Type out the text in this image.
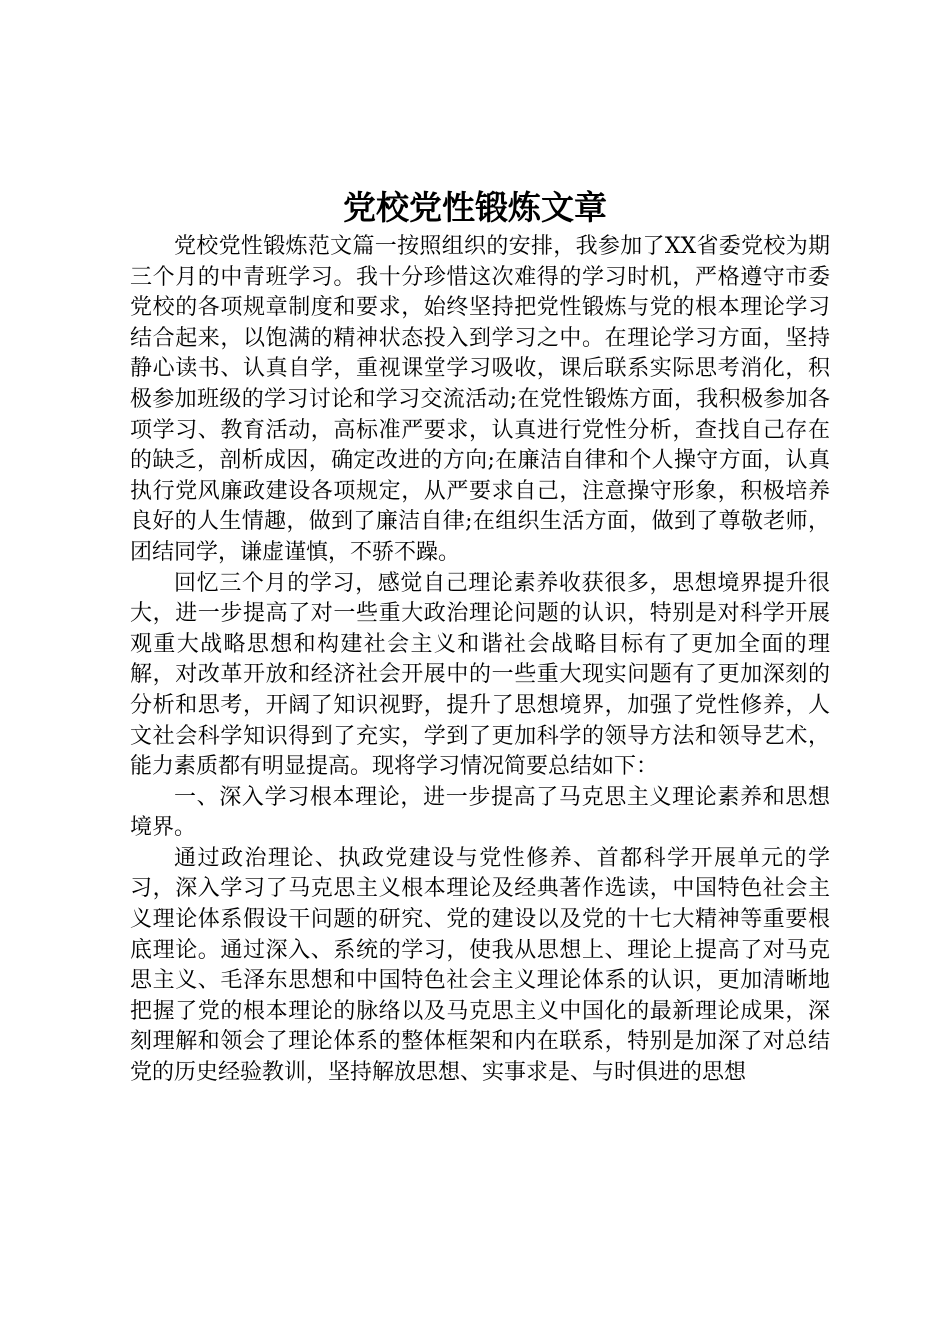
党校党性锻炼文章

党校党性锻炼范文篇一按照组织的安排，我参加了XX省委党校为期三个月的中青班学习。我十分珍惜这次难得的学习时机，严格遵守市委党校的各项规章制度和要求，始终坚持把党性锻炼与党的根本理论学习结合起来，以饱满的精神状态投入到学习之中。在理论学习方面，坚持静心读书、认真自学，重视课堂学习吸收，课后联系实际思考消化，积极参加班级的学习讨论和学习交流活动;在党性锻炼方面，我积极参加各项学习、教育活动，高标准严要求，认真进行党性分析，查找自己存在的缺乏，剖析成因，确定改进的方向;在廉洁自律和个人操守方面，认真执行党风廉政建设各项规定，从严要求自己，注意操守形象，积极培养良好的人生情趣，做到了廉洁自律;在组织生活方面，做到了尊敬老师，团结同学，谦虚谨慎，不骄不躁。

回忆三个月的学习，感觉自己理论素养收获很多，思想境界提升很大，进一步提高了对一些重大政治理论问题的认识，特别是对科学开展观重大战略思想和构建社会主义和谐社会战略目标有了更加全面的理解，对改革开放和经济社会开展中的一些重大现实问题有了更加深刻的分析和思考，开阔了知识视野，提升了思想境界，加强了党性修养，人文社会科学知识得到了充实，学到了更加科学的领导方法和领导艺术，能力素质都有明显提高。现将学习情况简要总结如下：

一、深入学习根本理论，进一步提高了马克思主义理论素养和思想境界。

通过政治理论、执政党建设与党性修养、首都科学开展单元的学习，深入学习了马克思主义根本理论及经典著作选读，中国特色社会主义理论体系假设干问题的研究、党的建设以及党的十七大精神等重要根底理论。通过深入、系统的学习，使我从思想上、理论上提高了对马克思主义、毛泽东思想和中国特色社会主义理论体系的认识，更加清晰地把握了党的根本理论的脉络以及马克思主义中国化的最新理论成果，深刻理解和领会了理论体系的整体框架和内在联系，特别是加深了对总结党的历史经验教训，坚持解放思想、实事求是、与时俱进的思想
